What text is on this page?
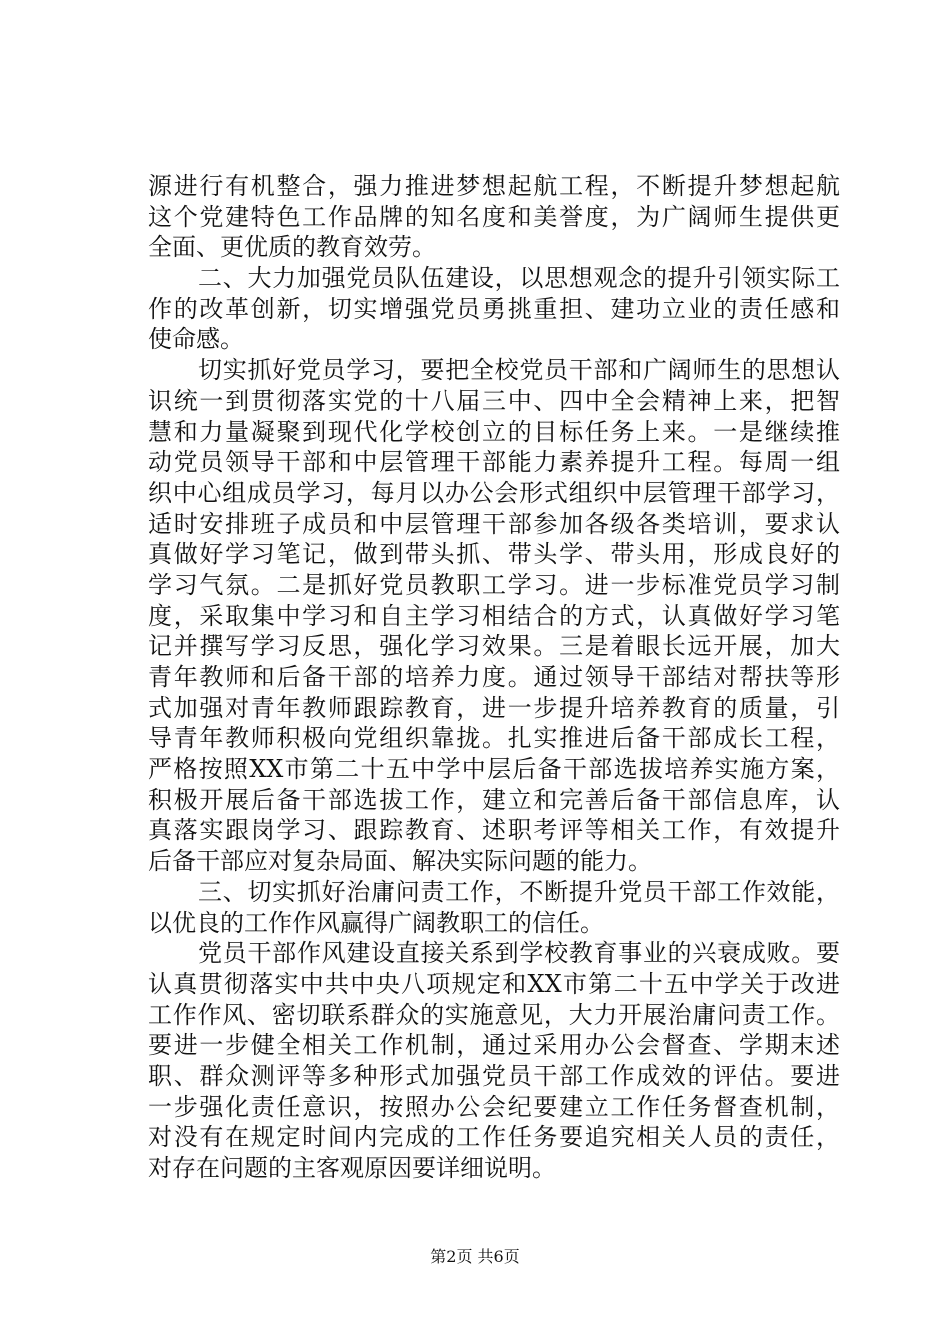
源进行有机整合，强力推进梦想起航工程，不断提升梦想起航
这个党建特色工作品牌的知名度和美誉度，为广阔师生提供更
全面、更优质的教育效劳。
二、大力加强党员队伍建设，以思想观念的提升引领实际工
作的改革创新，切实增强党员勇挑重担、建功立业的责任感和
使命感。
切实抓好党员学习，要把全校党员干部和广阔师生的思想认
识统一到贯彻落实党的十八届三中、四中全会精神上来，把智
慧和力量凝聚到现代化学校创立的目标任务上来。一是继续推
动党员领导干部和中层管理干部能力素养提升工程。每周一组
织中心组成员学习，每月以办公会形式组织中层管理干部学习，
适时安排班子成员和中层管理干部参加各级各类培训，要求认
真做好学习笔记，做到带头抓、带头学、带头用，形成良好的
学习气氛。二是抓好党员教职工学习。进一步标准党员学习制
度，采取集中学习和自主学习相结合的方式，认真做好学习笔
记并撰写学习反思，强化学习效果。三是着眼长远开展，加大
青年教师和后备干部的培养力度。通过领导干部结对帮扶等形
式加强对青年教师跟踪教育，进一步提升培养教育的质量，引
导青年教师积极向党组织靠拢。扎实推进后备干部成长工程，
严格按照XX市第二十五中学中层后备干部选拔培养实施方案，
积极开展后备干部选拔工作，建立和完善后备干部信息库，认
真落实跟岗学习、跟踪教育、述职考评等相关工作，有效提升
后备干部应对复杂局面、解决实际问题的能力。
三、切实抓好治庸问责工作，不断提升党员干部工作效能，
以优良的工作作风赢得广阔教职工的信任。
党员干部作风建设直接关系到学校教育事业的兴衰成败。要
认真贯彻落实中共中央八项规定和XX市第二十五中学关于改进
工作作风、密切联系群众的实施意见，大力开展治庸问责工作。
要进一步健全相关工作机制，通过采用办公会督查、学期末述
职、群众测评等多种形式加强党员干部工作成效的评估。要进
一步强化责任意识，按照办公会纪要建立工作任务督查机制，
对没有在规定时间内完成的工作任务要追究相关人员的责任，
对存在问题的主客观原因要详细说明。
第2页 共6页
